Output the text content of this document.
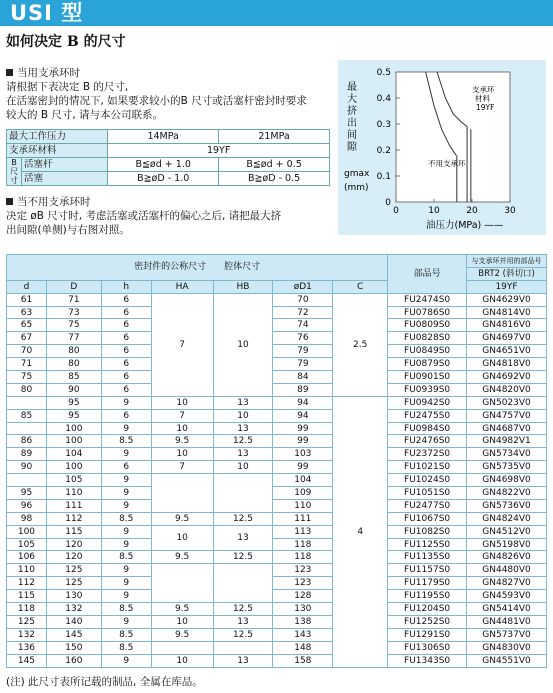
USI 型
如何决定 B 的尺寸
当用支承环时
请根据下表决定 B 的尺寸,
在活塞密封的情况下, 如果要求较小的B 尺寸或活塞杆密封时要求
较大的 B 尺寸, 请与本公司联系。
最大工作压力		14MPa	21MPa
支承环材料		19YF	
B尺寸	活塞杆	B≦ød + 1.0	B≦ød + 0.5
	活塞	B≧øD - 1.0	B≧øD - 0.5
当不用支承环时
决定 øB 尺寸时, 考虑活塞或活塞杆的偏心之后, 请把最大挤
出间隙(单侧)与右图对照。
0.5
0.4
0.3
0.2
0.1
0
0	10	20	30
最
大
挤
出
间
隙
gmax
(mm)
油压力(MPa) ——
支承环
材料
19YF
不用支承环
密封件的公称尺寸　　腔体尺寸							部品号	与支承环并用的部品号
								BRT2 (斜切口)
d	D	h	HA	HB	øD1	C		19YF
61	71	6	7	10	70	2.5	FU2474S0	GN4629V0
63	73	6			72		FU0786S0	GN4814V0
65	75	6			74		FU0809S0	GN4816V0
67	77	6			76		FU0828S0	GN4697V0
70	80	6			79		FU0849S0	GN4651V0
71	80	6			79		FU0879S0	GN4818V0
75	85	6			84		FU0901S0	GN4692V0
80	90	6			89		FU0939S0	GN4820V0
	95	9	10	13	94	4	FU0942S0	GN5023V0
85	95	6	7	10	94		FU2475S0	GN4757V0
	100	9	10	13	99		FU0984S0	GN4687V0
86	100	8.5	9.5	12.5	99		FU2476S0	GN4982V1
89	104	9	10	13	103		FU2372S0	GN5734V0
90	100	6	7	10	99		FU1021S0	GN5735V0
	105	9			104		FU1024S0	GN4698V0
95	110	9			109		FU1051S0	GN4822V0
96	111	9			110		FU2477S0	GN5736V0
98	112	8.5	9.5	12.5	111		FU1067S0	GN4824V0
100	115	9	10	13	113		FU1082S0	GN4512V0
105	120	9			118		FU1125S0	GN5198V0
106	120	8.5	9.5	12.5	118		FU1135S0	GN4826V0
110	125	9			123		FU1157S0	GN4480V0
112	125	9			123		FU1179S0	GN4827V0
115	130	9			128		FU1195S0	GN4593V0
118	132	8.5	9.5	12.5	130		FU1204S0	GN5414V0
125	140	9	10	13	138		FU1252S0	GN4481V0
132	145	8.5	9.5	12.5	143		FU1291S0	GN5737V0
136	150	8.5			148		FU1306S0	GN4830V0
145	160	9	10	13	158		FU1343S0	GN4551V0
(注) 此尺寸表所记载的制品, 全属在库品。
